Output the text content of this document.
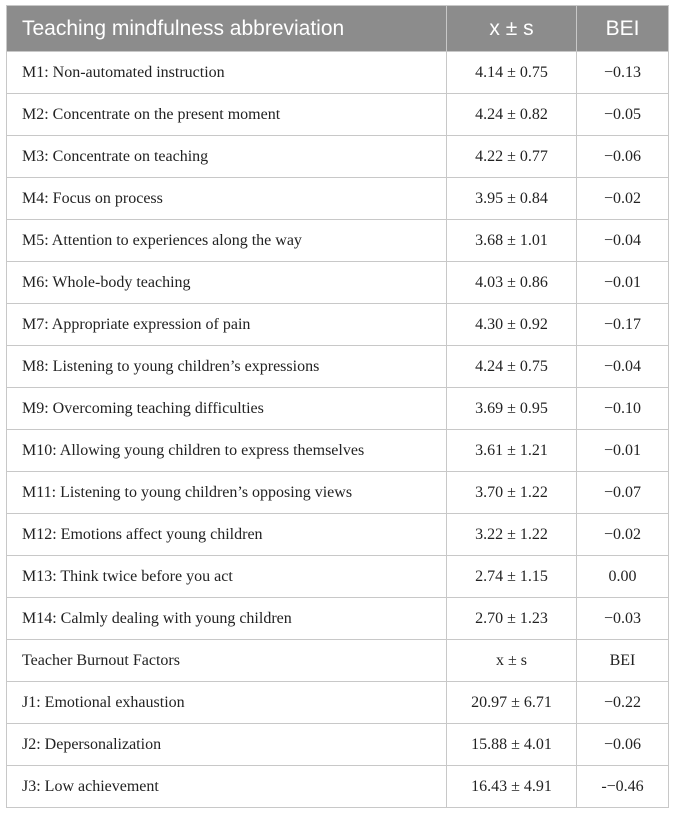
Teaching mindfulness abbreviation	x ± s	BEI
M1: Non-automated instruction	4.14 ± 0.75	−0.13
M2: Concentrate on the present moment	4.24 ± 0.82	−0.05
M3: Concentrate on teaching	4.22 ± 0.77	−0.06
M4: Focus on process	3.95 ± 0.84	−0.02
M5: Attention to experiences along the way	3.68 ± 1.01	−0.04
M6: Whole-body teaching	4.03 ± 0.86	−0.01
M7: Appropriate expression of pain	4.30 ± 0.92	−0.17
M8: Listening to young children’s expressions	4.24 ± 0.75	−0.04
M9: Overcoming teaching difficulties	3.69 ± 0.95	−0.10
M10: Allowing young children to express themselves	3.61 ± 1.21	−0.01
M11: Listening to young children’s opposing views	3.70 ± 1.22	−0.07
M12: Emotions affect young children	3.22 ± 1.22	−0.02
M13: Think twice before you act	2.74 ± 1.15	0.00
M14: Calmly dealing with young children	2.70 ± 1.23	−0.03
Teacher Burnout Factors	x ± s	BEI
J1: Emotional exhaustion	20.97 ± 6.71	−0.22
J2: Depersonalization	15.88 ± 4.01	−0.06
J3: Low achievement	16.43 ± 4.91	-−0.46
